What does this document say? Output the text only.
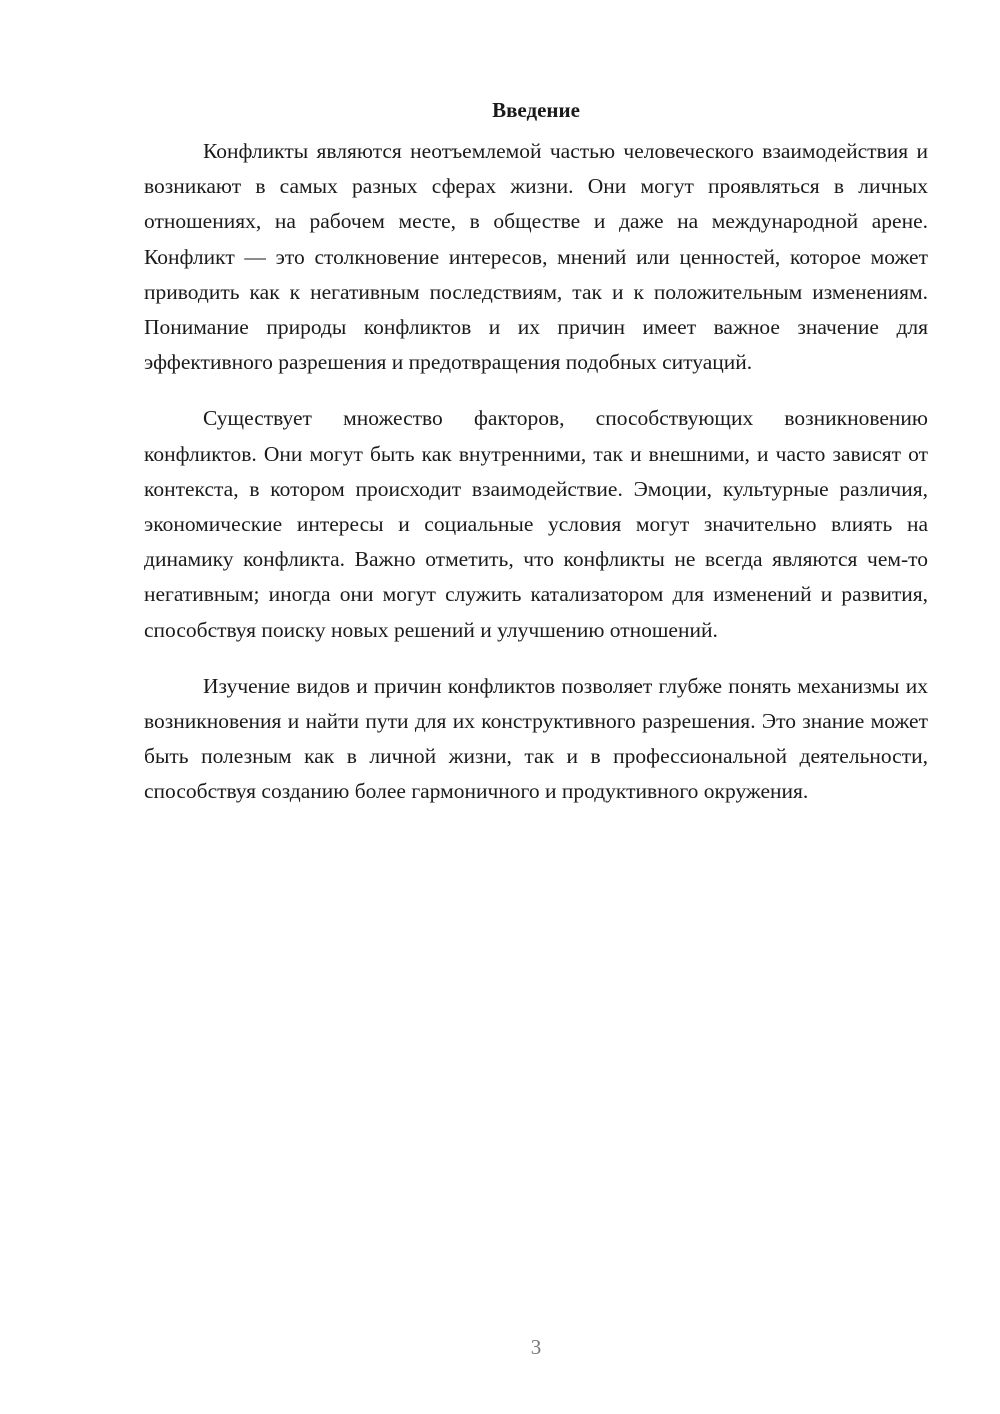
Введение

Конфликты являются неотъемлемой частью человеческого взаимодействия и возникают в самых разных сферах жизни. Они могут проявляться в личных отношениях, на рабочем месте, в обществе и даже на международной арене. Конфликт — это столкновение интересов, мнений или ценностей, которое может приводить как к негативным последствиям, так и к положительным изменениям. Понимание природы конфликтов и их причин имеет важное значение для эффективного разрешения и предотвращения подобных ситуаций.

Существует множество факторов, способствующих возникновению конфликтов. Они могут быть как внутренними, так и внешними, и часто зависят от контекста, в котором происходит взаимодействие. Эмоции, культурные различия, экономические интересы и социальные условия могут значительно влиять на динамику конфликта. Важно отметить, что конфликты не всегда являются чем-то негативным; иногда они могут служить катализатором для изменений и развития, способствуя поиску новых решений и улучшению отношений.

Изучение видов и причин конфликтов позволяет глубже понять механизмы их возникновения и найти пути для их конструктивного разрешения. Это знание может быть полезным как в личной жизни, так и в профессиональной деятельности, способствуя созданию более гармоничного и продуктивного окружения.

3
